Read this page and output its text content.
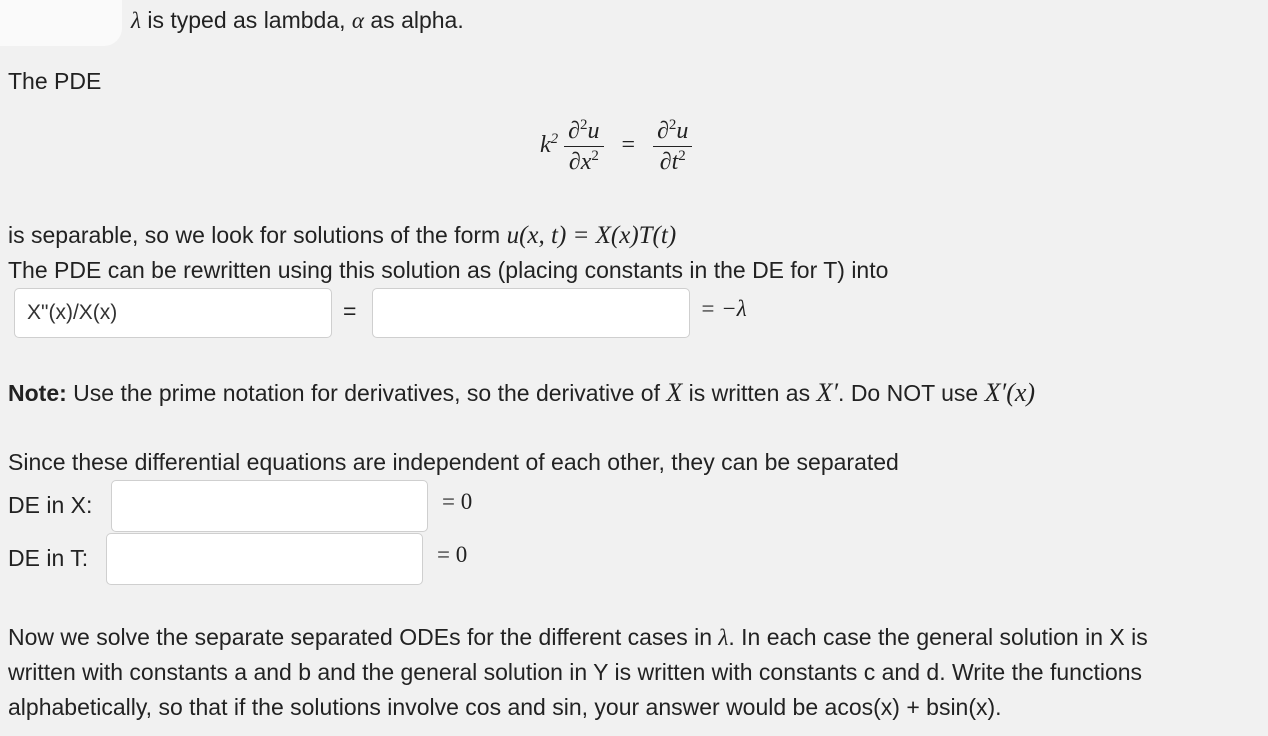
λ is typed as lambda, α as alpha.
The PDE
$k^2 \frac{\partial^2u}{\partial x^2} = \frac{\partial^2u}{\partial t^2}$
is separable, so we look for solutions of the form u(x, t) = X(x)T(t)
The PDE can be rewritten using this solution as (placing constants in the DE for T) into
X"(x)/X(x)	=	= −λ
Note: Use the prime notation for derivatives, so the derivative of X is written as X′. Do NOT use X′(x)
Since these differential equations are independent of each other, they can be separated
DE in X:	= 0
DE in T:	= 0
Now we solve the separate separated ODEs for the different cases in λ. In each case the general solution in X is
written with constants a and b and the general solution in Y is written with constants c and d. Write the functions
alphabetically, so that if the solutions involve cos and sin, your answer would be acos(x) + bsin(x).
